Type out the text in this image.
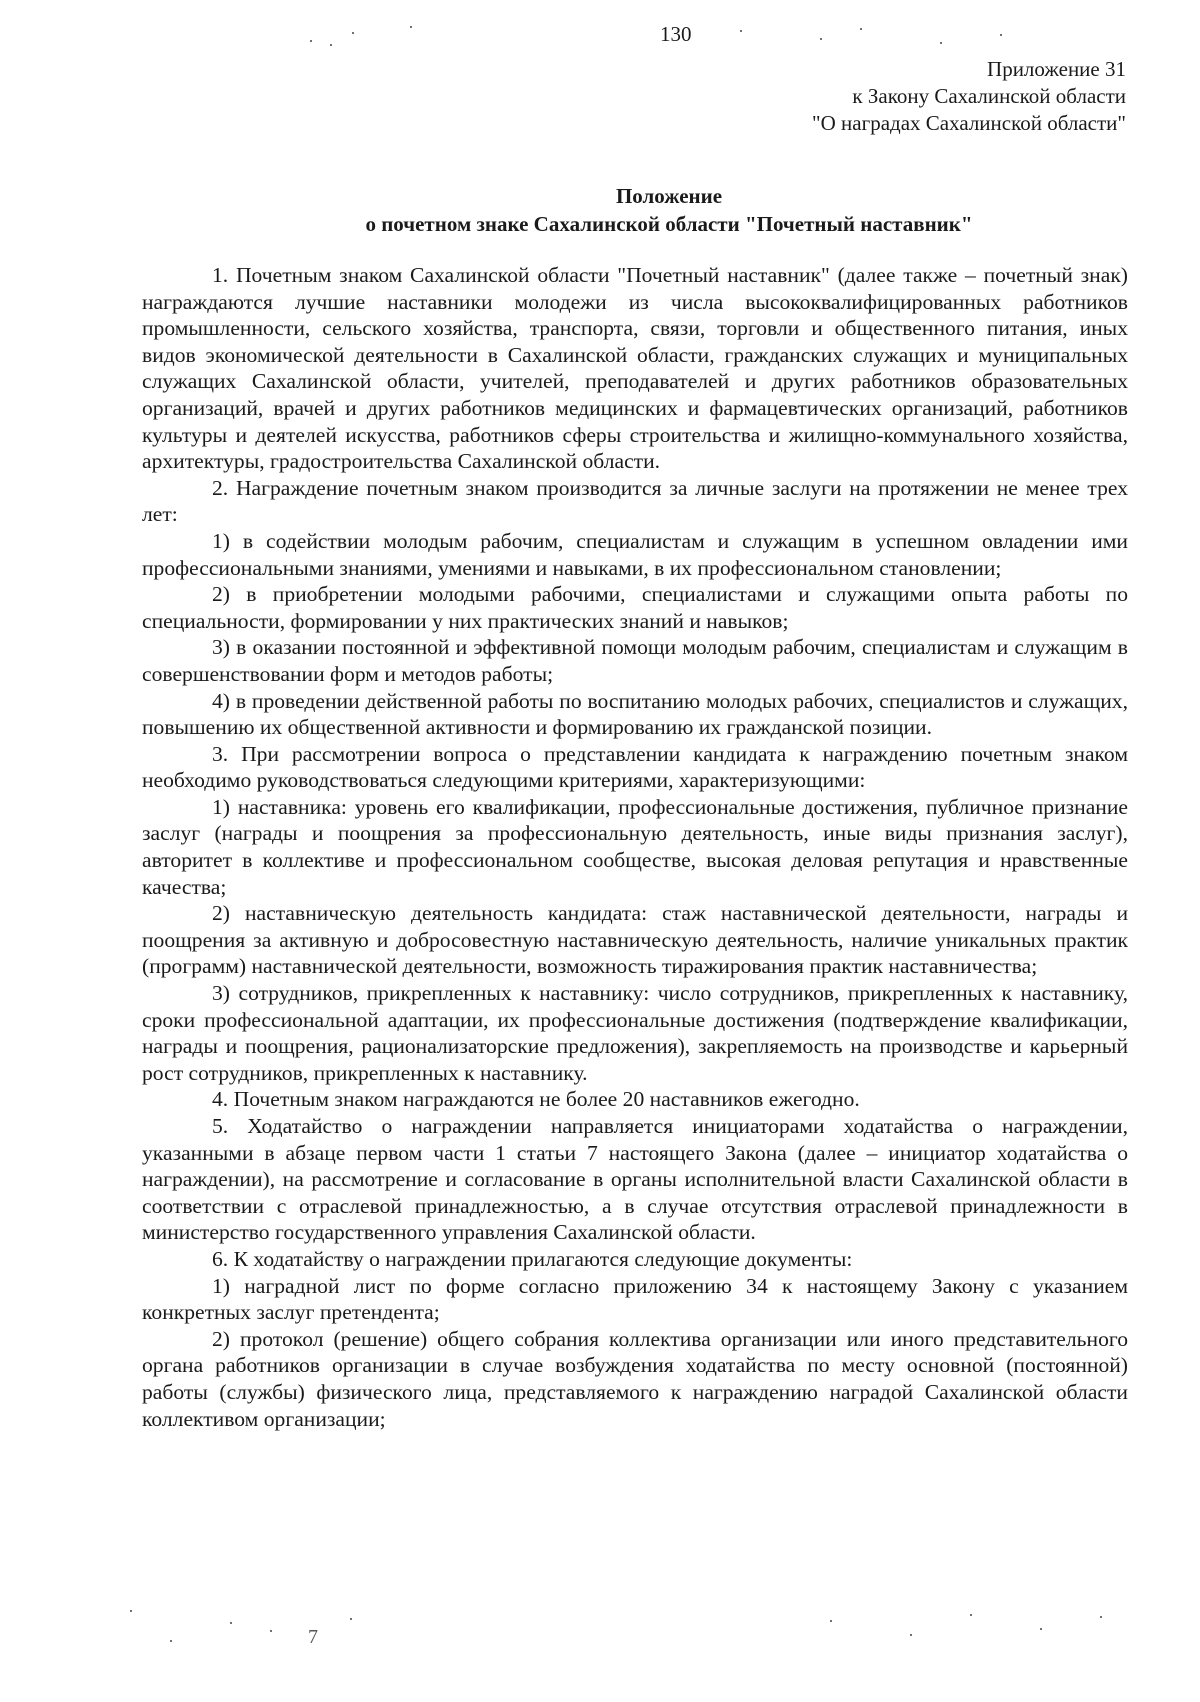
130
Приложение 31
к Закону Сахалинской области
"О наградах Сахалинской области"
Положение
о почетном знаке Сахалинской области "Почетный наставник"

1. Почетным знаком Сахалинской области "Почетный наставник" (далее также – почетный знак) награждаются лучшие наставники молодежи из числа высококвалифицированных работников промышленности, сельского хозяйства, транспорта, связи, торговли и общественного питания, иных видов экономической деятельности в Сахалинской области, гражданских служащих и муниципальных служащих Сахалинской области, учителей, преподавателей и других работников образовательных организаций, врачей и других работников медицинских и фармацевтических организаций, работников культуры и деятелей искусства, работников сферы строительства и жилищно-коммунального хозяйства, архитектуры, градостроительства Сахалинской области.

2. Награждение почетным знаком производится за личные заслуги на протяжении не менее трех лет:

1) в содействии молодым рабочим, специалистам и служащим в успешном овладении ими профессиональными знаниями, умениями и навыками, в их профессиональном становлении;

2) в приобретении молодыми рабочими, специалистами и служащими опыта работы по специальности, формировании у них практических знаний и навыков;

3) в оказании постоянной и эффективной помощи молодым рабочим, специалистам и служащим в совершенствовании форм и методов работы;

4) в проведении действенной работы по воспитанию молодых рабочих, специалистов и служащих, повышению их общественной активности и формированию их гражданской позиции.

3. При рассмотрении вопроса о представлении кандидата к награждению почетным знаком необходимо руководствоваться следующими критериями, характеризующими:

1) наставника: уровень его квалификации, профессиональные достижения, публичное признание заслуг (награды и поощрения за профессиональную деятельность, иные виды признания заслуг), авторитет в коллективе и профессиональном сообществе, высокая деловая репутация и нравственные качества;

2) наставническую деятельность кандидата: стаж наставнической деятельности, награды и поощрения за активную и добросовестную наставническую деятельность, наличие уникальных практик (программ) наставнической деятельности, возможность тиражирования практик наставничества;

3) сотрудников, прикрепленных к наставнику: число сотрудников, прикрепленных к наставнику, сроки профессиональной адаптации, их профессиональные достижения (подтверждение квалификации, награды и поощрения, рационализаторские предложения), закрепляемость на производстве и карьерный рост сотрудников, прикрепленных к наставнику.

4. Почетным знаком награждаются не более 20 наставников ежегодно.

5. Ходатайство о награждении направляется инициаторами ходатайства о награждении, указанными в абзаце первом части 1 статьи 7 настоящего Закона (далее – инициатор ходатайства о награждении), на рассмотрение и согласование в органы исполнительной власти Сахалинской области в соответствии с отраслевой принадлежностью, а в случае отсутствия отраслевой принадлежности в министерство государственного управления Сахалинской области.

6. К ходатайству о награждении прилагаются следующие документы:

1) наградной лист по форме согласно приложению 34 к настоящему Закону с указанием конкретных заслуг претендента;

2) протокол (решение) общего собрания коллектива организации или иного представительного органа работников организации в случае возбуждения ходатайства по месту основной (постоянной) работы (службы) физического лица, представляемого к награждению наградой Сахалинской области коллективом организации;

7
